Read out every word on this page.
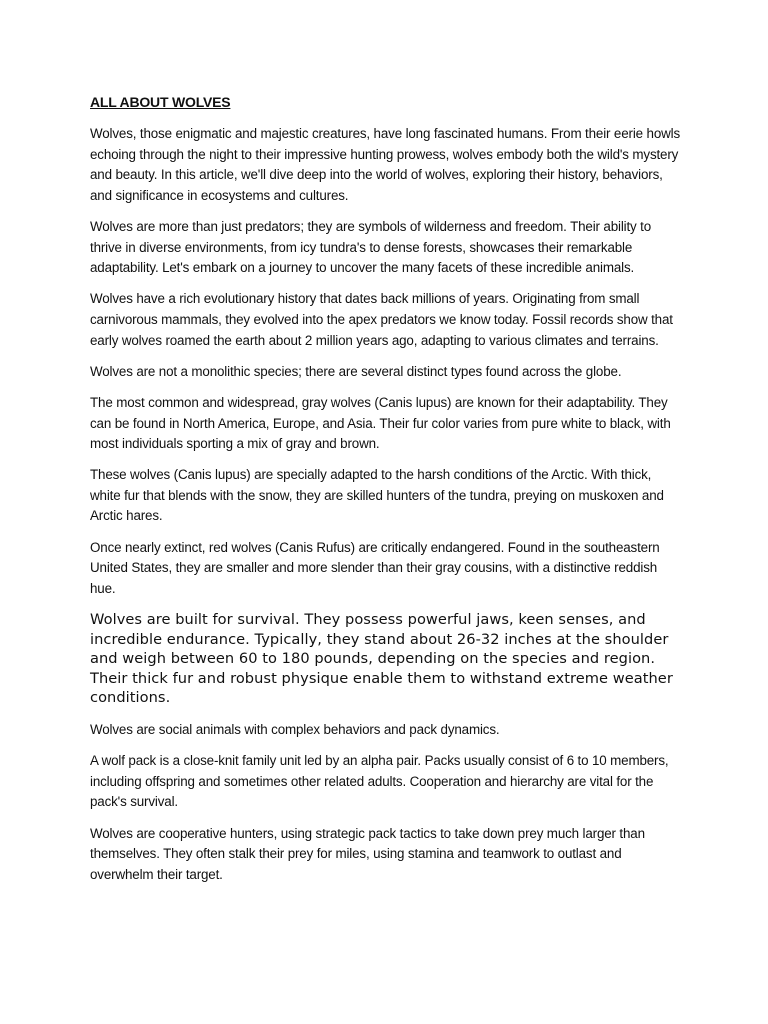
ALL ABOUT WOLVES

Wolves, those enigmatic and majestic creatures, have long fascinated humans. From their eerie howls echoing through the night to their impressive hunting prowess, wolves embody both the wild's mystery and beauty. In this article, we'll dive deep into the world of wolves, exploring their history, behaviors, and significance in ecosystems and cultures.

Wolves are more than just predators; they are symbols of wilderness and freedom. Their ability to thrive in diverse environments, from icy tundra's to dense forests, showcases their remarkable adaptability. Let's embark on a journey to uncover the many facets of these incredible animals.

Wolves have a rich evolutionary history that dates back millions of years. Originating from small carnivorous mammals, they evolved into the apex predators we know today. Fossil records show that early wolves roamed the earth about 2 million years ago, adapting to various climates and terrains.

Wolves are not a monolithic species; there are several distinct types found across the globe.

The most common and widespread, gray wolves (Canis lupus) are known for their adaptability. They can be found in North America, Europe, and Asia. Their fur color varies from pure white to black, with most individuals sporting a mix of gray and brown.

These wolves (Canis lupus) are specially adapted to the harsh conditions of the Arctic. With thick, white fur that blends with the snow, they are skilled hunters of the tundra, preying on muskoxen and Arctic hares.

Once nearly extinct, red wolves (Canis Rufus) are critically endangered. Found in the southeastern United States, they are smaller and more slender than their gray cousins, with a distinctive reddish hue.

Wolves are built for survival. They possess powerful jaws, keen senses, and incredible endurance. Typically, they stand about 26-32 inches at the shoulder and weigh between 60 to 180 pounds, depending on the species and region. Their thick fur and robust physique enable them to withstand extreme weather conditions.

Wolves are social animals with complex behaviors and pack dynamics.

A wolf pack is a close-knit family unit led by an alpha pair. Packs usually consist of 6 to 10 members, including offspring and sometimes other related adults. Cooperation and hierarchy are vital for the pack's survival.

Wolves are cooperative hunters, using strategic pack tactics to take down prey much larger than themselves. They often stalk their prey for miles, using stamina and teamwork to outlast and overwhelm their target.
